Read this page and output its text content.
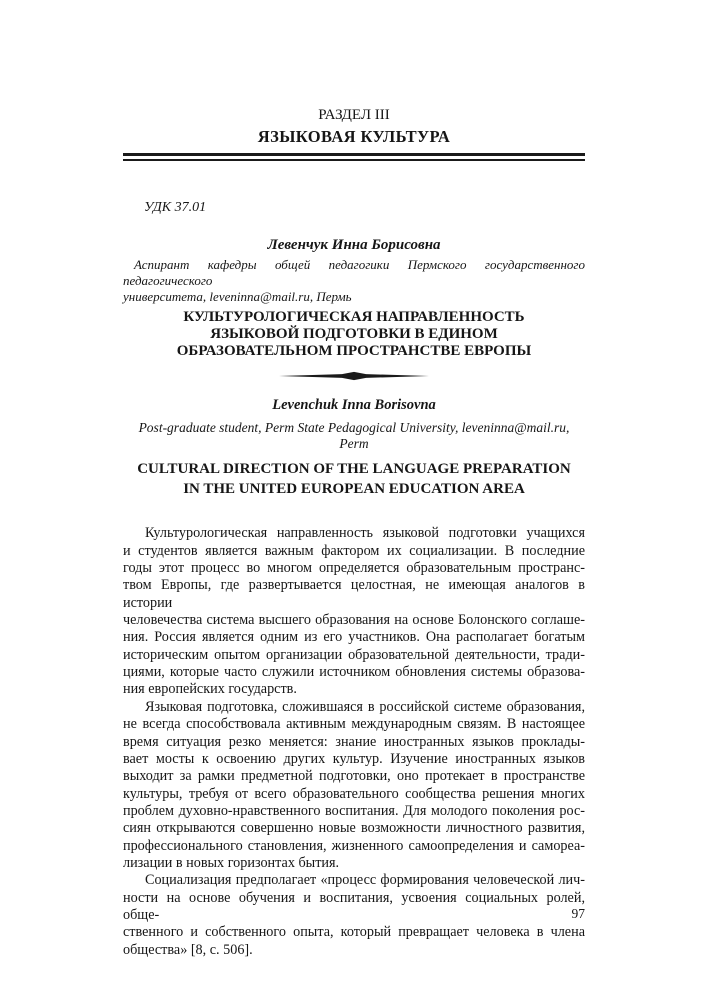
РАЗДЕЛ III
ЯЗЫКОВАЯ КУЛЬТУРА
УДК 37.01
Левенчук Инна Борисовна
Аспирант кафедры общей педагогики Пермского государственного педагогического
университета, leveninna@mail.ru, Пермь
КУЛЬТУРОЛОГИЧЕСКАЯ НАПРАВЛЕННОСТЬ
ЯЗЫКОВОЙ ПОДГОТОВКИ В ЕДИНОМ
ОБРАЗОВАТЕЛЬНОМ ПРОСТРАНСТВЕ ЕВРОПЫ
Levenchuk Inna Borisovna
Post-graduate student, Perm State Pedagogical University, leveninna@mail.ru, Perm
CULTURAL DIRECTION OF THE LANGUAGE PREPARATION
IN THE UNITED EUROPEAN EDUCATION AREA
Культурологическая направленность языковой подготовки учащихся
и студентов является важным фактором их социализации. В последние
годы этот процесс во многом определяется образовательным пространс-
твом Европы, где развертывается целостная, не имеющая аналогов в истории
человечества система высшего образования на основе Болонского соглаше-
ния. Россия является одним из его участников. Она располагает богатым
историческим опытом организации образовательной деятельности, тради-
циями, которые часто служили источником обновления системы образова-
ния европейских государств.
Языковая подготовка, сложившаяся в российской системе образования,
не всегда способствовала активным международным связям. В настоящее
время ситуация резко меняется: знание иностранных языков проклады-
вает мосты к освоению других культур. Изучение иностранных языков
выходит за рамки предметной подготовки, оно протекает в пространстве
культуры, требуя от всего образовательного сообщества решения многих
проблем духовно-нравственного воспитания. Для молодого поколения рос-
сиян открываются совершенно новые возможности личностного развития,
профессионального становления, жизненного самоопределения и самореа-
лизации в новых горизонтах бытия.
Социализация предполагает «процесс формирования человеческой лич-
ности на основе обучения и воспитания, усвоения социальных ролей, обще-
ственного и собственного опыта, который превращает человека в члена
общества» [8, с. 506].
97
